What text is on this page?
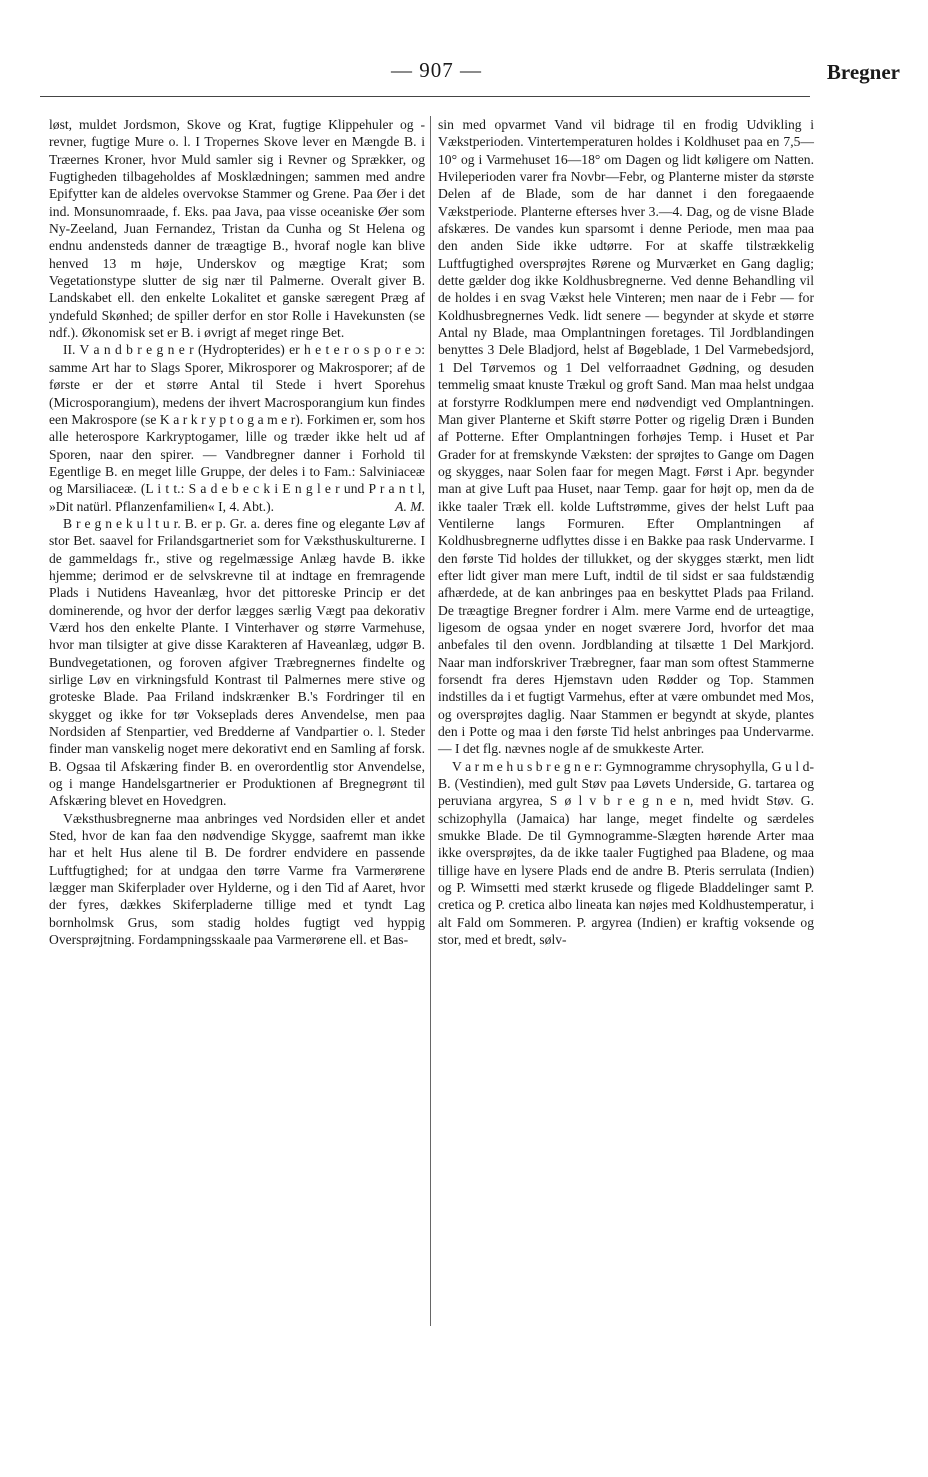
— 907 —	Bregner

løst, muldet Jordsmon, Skove og Krat, fugtige Klippehuler og -revner, fugtige Mure o. l. I Tropernes Skove lever en Mængde B. i Træernes Kroner, hvor Muld samler sig i Revner og Sprækker, og Fugtigheden tilbageholdes af Mosklædningen; sammen med andre Epifytter kan de aldeles overvokse Stammer og Grene. Paa Øer i det ind. Monsunomraade, f. Eks. paa Java, paa visse oceaniske Øer som Ny-Zeeland, Juan Fernandez, Tristan da Cunha og St Helena og endnu andensteds danner de træagtige B., hvoraf nogle kan blive henved 13 m høje, Underskov og mægtige Krat; som Vegetationstype slutter de sig nær til Palmerne. Overalt giver B. Landskabet ell. den enkelte Lokalitet et ganske særegent Præg af yndefuld Skønhed; de spiller derfor en stor Rolle i Havekunsten (se ndf.). Økonomisk set er B. i øvrigt af meget ringe Bet.

II. V a n d b r e g n e r (Hydropterides) er h e t e r o s p o r e ɔ: samme Art har to Slags Sporer, Mikrosporer og Makrosporer; af de første er der et større Antal til Stede i hvert Sporehus (Microsporangium), medens der ihvert Macrosporangium kun findes een Makrospore (se K a r k r y p t o g a m e r). Forkimen er, som hos alle heterospore Karkryptogamer, lille og træder ikke helt ud af Sporen, naar den spirer. — Vandbregner danner i Forhold til Egentlige B. en meget lille Gruppe, der deles i to Fam.: Salviniaceæ og Marsiliaceæ. (L i t t.: S a d e b e c k i E n g l e r und P r a n t l, »Dit natürl. Pflanzenfamilien« I, 4. Abt.).	A. M.

B r e g n e k u l t u r. B. er p. Gr. a. deres fine og elegante Løv af stor Bet. saavel for Frilandsgartneriet som for Væksthuskulturerne. I de gammeldags fr., stive og regelmæssige Anlæg havde B. ikke hjemme; derimod er de selvskrevne til at indtage en fremragende Plads i Nutidens Haveanlæg, hvor det pittoreske Princip er det dominerende, og hvor der derfor lægges særlig Vægt paa dekorativ Værd hos den enkelte Plante. I Vinterhaver og større Varmehuse, hvor man tilsigter at give disse Karakteren af Haveanlæg, udgør B. Bundvegetationen, og foroven afgiver Træbregnernes findelte og sirlige Løv en virkningsfuld Kontrast til Palmernes mere stive og groteske Blade. Paa Friland indskrænker B.'s Fordringer til en skygget og ikke for tør Vokseplads deres Anvendelse, men paa Nordsiden af Stenpartier, ved Bredderne af Vandpartier o. l. Steder finder man vanskelig noget mere dekorativt end en Samling af forsk. B. Ogsaa til Afskæring finder B. en overordentlig stor Anvendelse, og i mange Handelsgartnerier er Produktionen af Bregnegrønt til Afskæring blevet en Hovedgren.

Væksthusbregnerne maa anbringes ved Nordsiden eller et andet Sted, hvor de kan faa den nødvendige Skygge, saafremt man ikke har et helt Hus alene til B. De fordrer endvidere en passende Luftfugtighed; for at undgaa den tørre Varme fra Varmerørene lægger man Skiferplader over Hylderne, og i den Tid af Aaret, hvor der fyres, dækkes Skiferpladerne tillige med et tyndt Lag bornholmsk Grus, som stadig holdes fugtigt ved hyppig Oversprøjtning. Fordampningsskaale paa Varmerørene ell. et Bas-

sin med opvarmet Vand vil bidrage til en frodig Udvikling i Vækstperioden. Vintertemperaturen holdes i Koldhuset paa en 7,5—10° og i Varmehuset 16—18° om Dagen og lidt køligere om Natten. Hvileperioden varer fra Novbr—Febr, og Planterne mister da største Delen af de Blade, som de har dannet i den foregaaende Vækstperiode. Planterne efterses hver 3.—4. Dag, og de visne Blade afskæres. De vandes kun sparsomt i denne Periode, men maa paa den anden Side ikke udtørre. For at skaffe tilstrækkelig Luftfugtighed oversprøjtes Rørene og Murværket en Gang daglig; dette gælder dog ikke Koldhusbregnerne. Ved denne Behandling vil de holdes i en svag Vækst hele Vinteren; men naar de i Febr — for Koldhusbregnernes Vedk. lidt senere — begynder at skyde et større Antal ny Blade, maa Omplantningen foretages. Til Jordblandingen benyttes 3 Dele Bladjord, helst af Bøgeblade, 1 Del Varmebedsjord, 1 Del Tørvemos og 1 Del velforraadnet Gødning, og desuden temmelig smaat knuste Trækul og groft Sand. Man maa helst undgaa at forstyrre Rodklumpen mere end nødvendigt ved Omplantningen. Man giver Planterne et Skift større Potter og rigelig Dræn i Bunden af Potterne. Efter Omplantningen forhøjes Temp. i Huset et Par Grader for at fremskynde Væksten: der sprøjtes to Gange om Dagen og skygges, naar Solen faar for megen Magt. Først i Apr. begynder man at give Luft paa Huset, naar Temp. gaar for højt op, men da de ikke taaler Træk ell. kolde Luftstrømme, gives der helst Luft paa Ventilerne langs Formuren. Efter Omplantningen af Koldhusbregnerne udflyttes disse i en Bakke paa rask Undervarme. I den første Tid holdes der tillukket, og der skygges stærkt, men lidt efter lidt giver man mere Luft, indtil de til sidst er saa fuldstændig afhærdede, at de kan anbringes paa en beskyttet Plads paa Friland. De træagtige Bregner fordrer i Alm. mere Varme end de urteagtige, ligesom de ogsaa ynder en noget sværere Jord, hvorfor det maa anbefales til den ovenn. Jordblanding at tilsætte 1 Del Markjord. Naar man indforskriver Træbregner, faar man som oftest Stammerne forsendt fra deres Hjemstavn uden Rødder og Top. Stammen indstilles da i et fugtigt Varmehus, efter at være ombundet med Mos, og oversprøjtes daglig. Naar Stammen er begyndt at skyde, plantes den i Potte og maa i den første Tid helst anbringes paa Undervarme. — I det flg. nævnes nogle af de smukkeste Arter.

V a r m e h u s b r e g n e r: Gymnogramme chrysophylla, G u l d-B. (Vestindien), med gult Støv paa Løvets Underside, G. tartarea og peruviana argyrea, S ø l v b r e g n e n, med hvidt Støv. G. schizophylla (Jamaica) har lange, meget findelte og særdeles smukke Blade. De til Gymnogramme-Slægten hørende Arter maa ikke oversprøjtes, da de ikke taaler Fugtighed paa Bladene, og maa tillige have en lysere Plads end de andre B. Pteris serrulata (Indien) og P. Wimsetti med stærkt krusede og fligede Bladdelinger samt P. cretica og P. cretica albo lineata kan nøjes med Koldhustemperatur, i alt Fald om Sommeren. P. argyrea (Indien) er kraftig voksende og stor, med et bredt, sølv-
